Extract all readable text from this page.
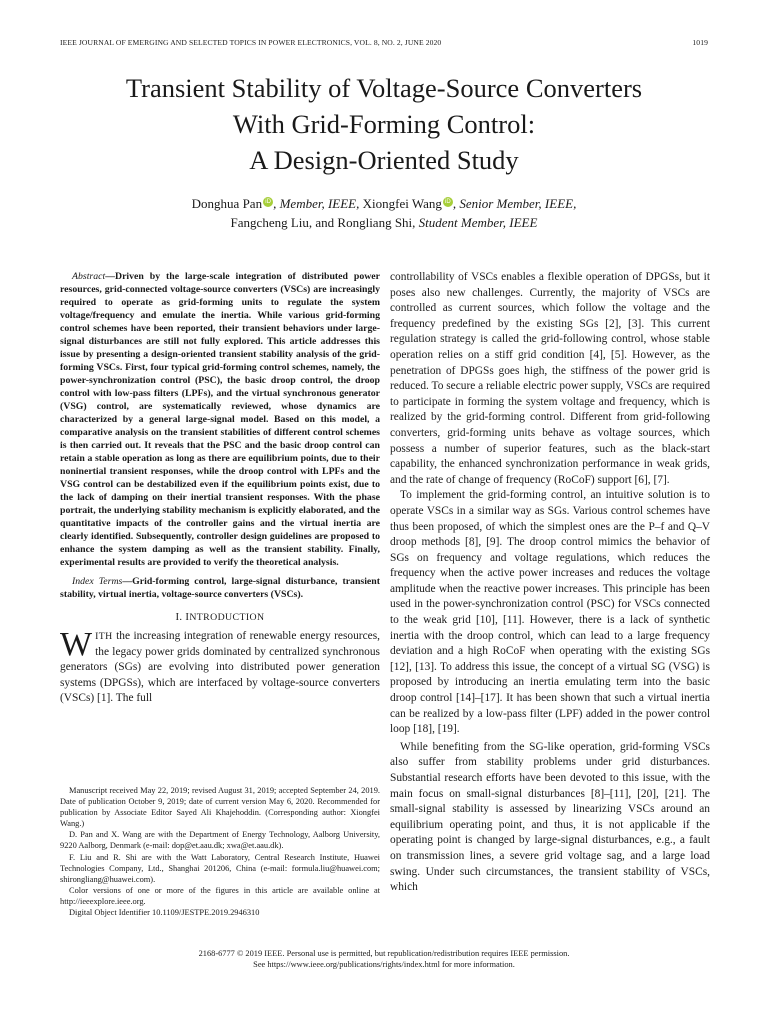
IEEE JOURNAL OF EMERGING AND SELECTED TOPICS IN POWER ELECTRONICS, VOL. 8, NO. 2, JUNE 2020	1019
Transient Stability of Voltage-Source Converters
With Grid-Forming Control:
A Design-Oriented Study
Donghua Pan iD , Member, IEEE, Xiongfei Wang iD , Senior Member, IEEE,
Fangcheng Liu, and Rongliang Shi, Student Member, IEEE

Abstract—Driven by the large-scale integration of distributed power resources, grid-connected voltage-source converters (VSCs) are increasingly required to operate as grid-forming units to regulate the system voltage/frequency and emulate the inertia. While various grid-forming control schemes have been reported, their transient behaviors under large-signal disturbances are still not fully explored. This article addresses this issue by presenting a design-oriented transient stability analysis of the grid-forming VSCs. First, four typical grid-forming control schemes, namely, the power-synchronization control (PSC), the basic droop control, the droop control with low-pass filters (LPFs), and the virtual synchronous generator (VSG) control, are systematically reviewed, whose dynamics are characterized by a general large-signal model. Based on this model, a comparative analysis on the transient stabilities of different control schemes is then carried out. It reveals that the PSC and the basic droop control can retain a stable operation as long as there are equilibrium points, due to their noninertial transient responses, while the droop control with LPFs and the VSG control can be destabilized even if the equilibrium points exist, due to the lack of damping on their inertial transient responses. With the phase portrait, the underlying stability mechanism is explicitly elaborated, and the quantitative impacts of the controller gains and the virtual inertia are clearly identified. Subsequently, controller design guidelines are proposed to enhance the system damping as well as the transient stability. Finally, experimental results are provided to verify the theoretical analysis.

Index Terms—Grid-forming control, large-signal disturbance, transient stability, virtual inertia, voltage-source converters (VSCs).

I. INTRODUCTION

WITH the increasing integration of renewable energy resources, the legacy power grids dominated by centralized synchronous generators (SGs) are evolving into distributed power generation systems (DPGSs), which are interfaced by voltage-source converters (VSCs) [1]. The full

Manuscript received May 22, 2019; revised August 31, 2019; accepted September 24, 2019. Date of publication October 9, 2019; date of current version May 6, 2020. Recommended for publication by Associate Editor Sayed Ali Khajehoddin. (Corresponding author: Xiongfei Wang.)

D. Pan and X. Wang are with the Department of Energy Technology, Aalborg University, 9220 Aalborg, Denmark (e-mail: dop@et.aau.dk; xwa@et.aau.dk).

F. Liu and R. Shi are with the Watt Laboratory, Central Research Institute, Huawei Technologies Company, Ltd., Shanghai 201206, China (e-mail: formula.liu@huawei.com; shirongliang@huawei.com).

Color versions of one or more of the figures in this article are available online at http://ieeexplore.ieee.org.

Digital Object Identifier 10.1109/JESTPE.2019.2946310

controllability of VSCs enables a flexible operation of DPGSs, but it poses also new challenges. Currently, the majority of VSCs are controlled as current sources, which follow the voltage and the frequency predefined by the existing SGs [2], [3]. This current regulation strategy is called the grid-following control, whose stable operation relies on a stiff grid condition [4], [5]. However, as the penetration of DPGSs goes high, the stiffness of the power grid is reduced. To secure a reliable electric power supply, VSCs are required to participate in forming the system voltage and frequency, which is realized by the grid-forming control. Different from grid-following converters, grid-forming units behave as voltage sources, which possess a number of superior features, such as the black-start capability, the enhanced synchronization performance in weak grids, and the rate of change of frequency (RoCoF) support [6], [7].

To implement the grid-forming control, an intuitive solution is to operate VSCs in a similar way as SGs. Various control schemes have thus been proposed, of which the simplest ones are the P–f and Q–V droop methods [8], [9]. The droop control mimics the behavior of SGs on frequency and voltage regulations, which reduces the frequency when the active power increases and reduces the voltage amplitude when the reactive power increases. This principle has been used in the power-synchronization control (PSC) for VSCs connected to the weak grid [10], [11]. However, there is a lack of synthetic inertia with the droop control, which can lead to a large frequency deviation and a high RoCoF when operating with the existing SGs [12], [13]. To address this issue, the concept of a virtual SG (VSG) is proposed by introducing an inertia emulating term into the basic droop control [14]–[17]. It has been shown that such a virtual inertia can be realized by a low-pass filter (LPF) added in the power control loop [18], [19].

While benefiting from the SG-like operation, grid-forming VSCs also suffer from stability problems under grid disturbances. Substantial research efforts have been devoted to this issue, with the main focus on small-signal disturbances [8]–[11], [20], [21]. The small-signal stability is assessed by linearizing VSCs around an equilibrium operating point, and thus, it is not applicable if the operating point is changed by large-signal disturbances, e.g., a fault on transmission lines, a severe grid voltage sag, and a large load swing. Under such circumstances, the transient stability of VSCs, which

2168-6777 © 2019 IEEE. Personal use is permitted, but republication/redistribution requires IEEE permission.
See https://www.ieee.org/publications/rights/index.html for more information.
